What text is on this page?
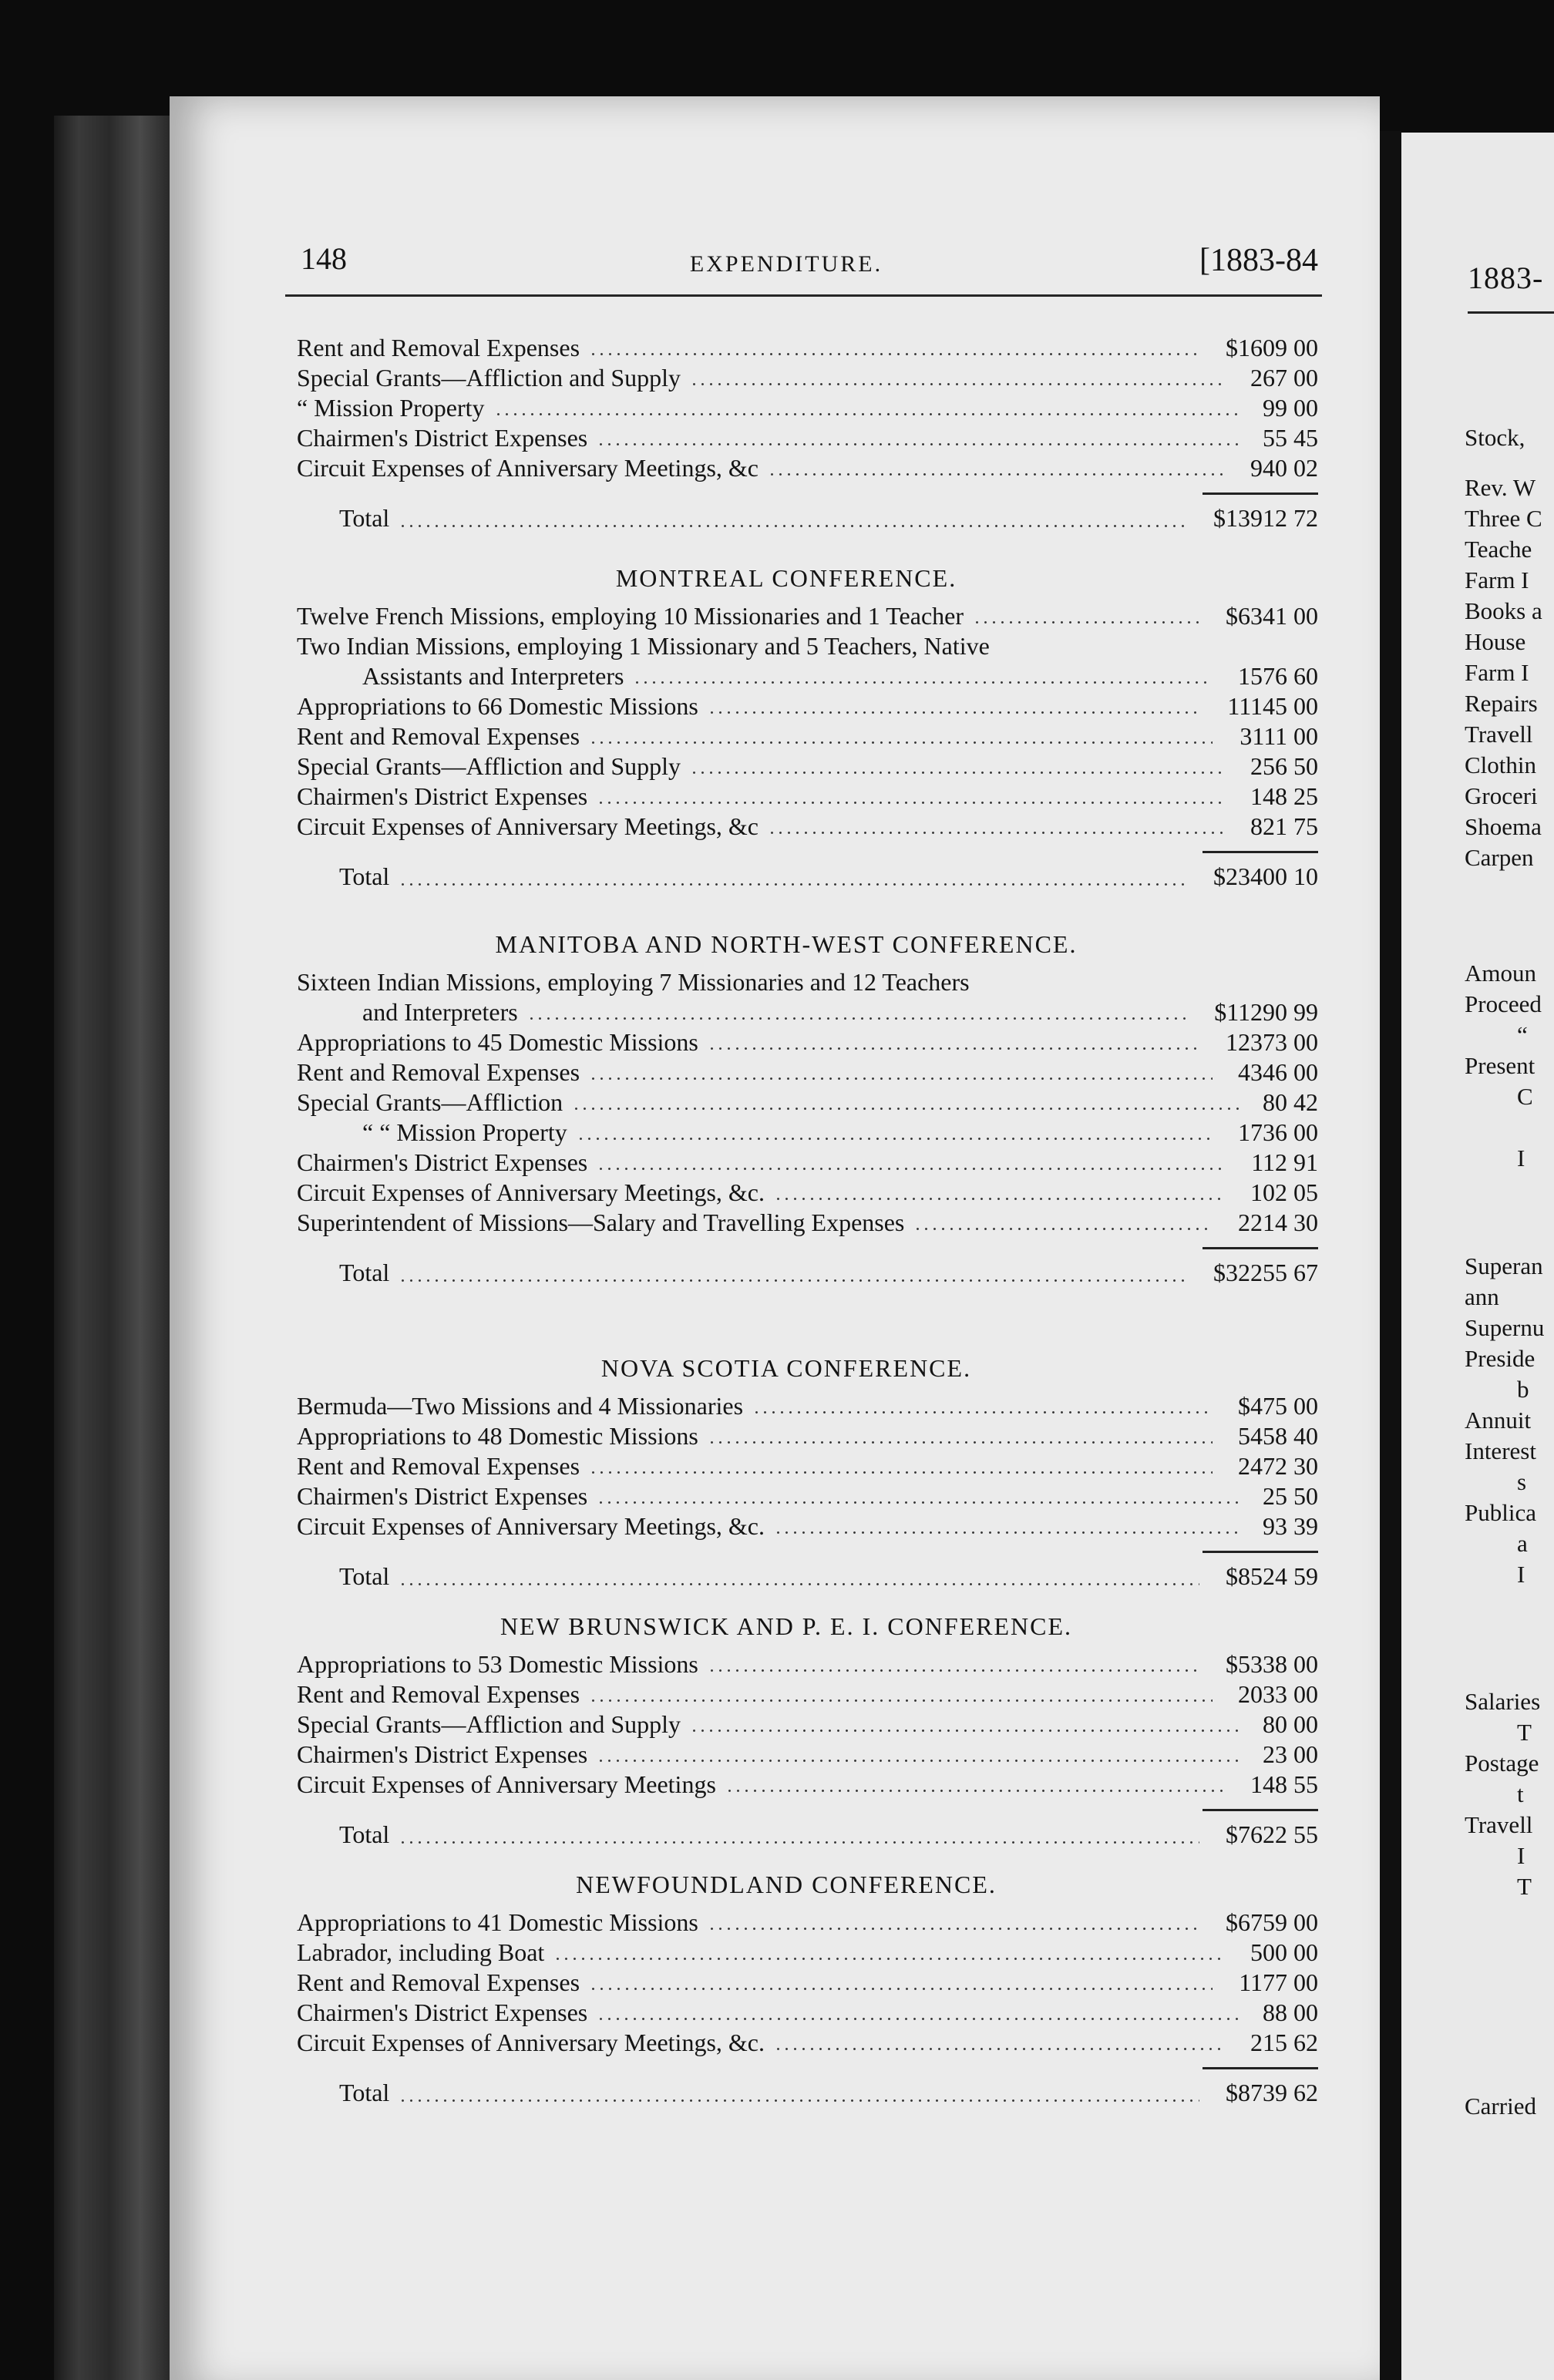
1883-
Stock,
Rev. W
Three C
Teache
Farm I
Books a
House
Farm I
Repairs
Travell
Clothin
Groceri
Shoema
Carpen
Amoun
Proceed
“
Present
C
I
Superan
ann
Supernu
Preside
b
Annuit
Interest
s
Publica
a
I
Salaries
T
Postage
t
Travell
I
T
Carried
148	EXPENDITURE.	[1883-84
Rent and Removal Expenses	$1609 00
Special Grants—Affliction and Supply	267 00
“ Mission Property	99 00
Chairmen's District Expenses	55 45
Circuit Expenses of Anniversary Meetings, &c	940 02
Total	$13912 72
MONTREAL CONFERENCE.
Twelve French Missions, employing 10 Missionaries and 1 Teacher	$6341 00
Two Indian Missions, employing 1 Missionary and 5 Teachers, Native
Assistants and Interpreters	1576 60
Appropriations to 66 Domestic Missions	11145 00
Rent and Removal Expenses	3111 00
Special Grants—Affliction and Supply	256 50
Chairmen's District Expenses	148 25
Circuit Expenses of Anniversary Meetings, &c	821 75
Total	$23400 10
MANITOBA AND NORTH-WEST CONFERENCE.
Sixteen Indian Missions, employing 7 Missionaries and 12 Teachers
and Interpreters	$11290 99
Appropriations to 45 Domestic Missions	12373 00
Rent and Removal Expenses	4346 00
Special Grants—Affliction	80 42
“ “ Mission Property	1736 00
Chairmen's District Expenses	112 91
Circuit Expenses of Anniversary Meetings, &c.	102 05
Superintendent of Missions—Salary and Travelling Expenses	2214 30
Total	$32255 67
NOVA SCOTIA CONFERENCE.
Bermuda—Two Missions and 4 Missionaries	$475 00
Appropriations to 48 Domestic Missions	5458 40
Rent and Removal Expenses	2472 30
Chairmen's District Expenses	25 50
Circuit Expenses of Anniversary Meetings, &c.	93 39
Total	$8524 59
NEW BRUNSWICK AND P. E. I. CONFERENCE.
Appropriations to 53 Domestic Missions	$5338 00
Rent and Removal Expenses	2033 00
Special Grants—Affliction and Supply	80 00
Chairmen's District Expenses	23 00
Circuit Expenses of Anniversary Meetings	148 55
Total	$7622 55
NEWFOUNDLAND CONFERENCE.
Appropriations to 41 Domestic Missions	$6759 00
Labrador, including Boat	500 00
Rent and Removal Expenses	1177 00
Chairmen's District Expenses	88 00
Circuit Expenses of Anniversary Meetings, &c.	215 62
Total	$8739 62
